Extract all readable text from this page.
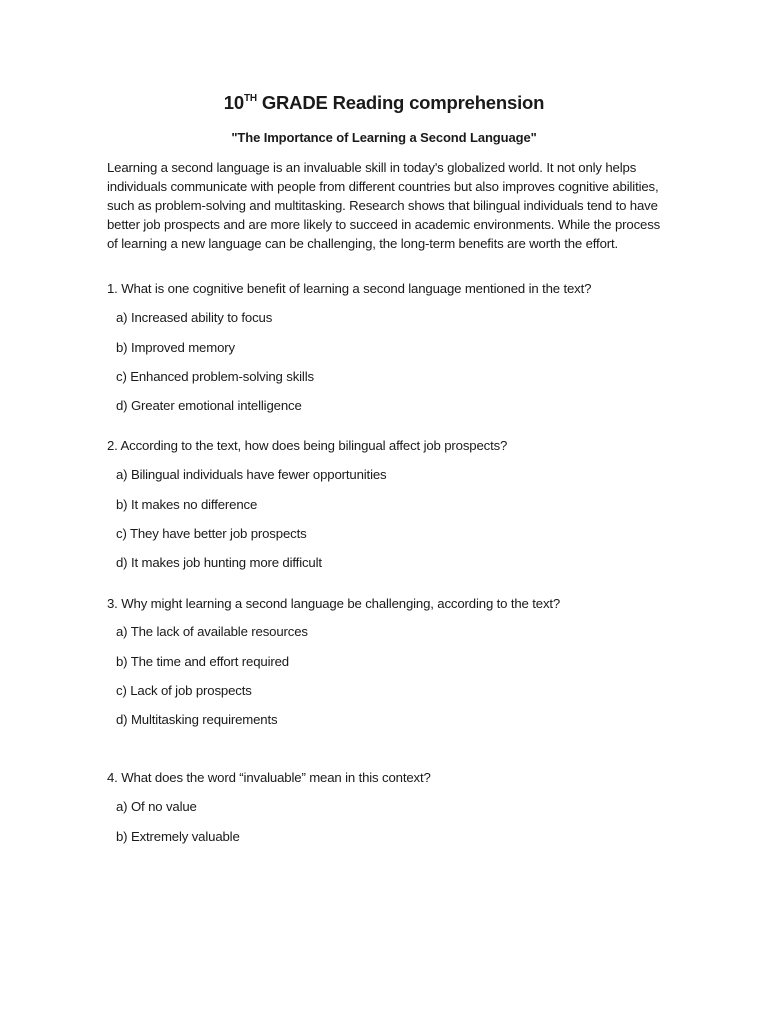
10TH GRADE Reading comprehension
"The Importance of Learning a Second Language"
Learning a second language is an invaluable skill in today's globalized world. It not only helps
individuals communicate with people from different countries but also improves cognitive abilities,
such as problem-solving and multitasking. Research shows that bilingual individuals tend to have
better job prospects and are more likely to succeed in academic environments. While the process
of learning a new language can be challenging, the long-term benefits are worth the effort.
1. What is one cognitive benefit of learning a second language mentioned in the text?
a) Increased ability to focus
b) Improved memory
c) Enhanced problem-solving skills
d) Greater emotional intelligence
2. According to the text, how does being bilingual affect job prospects?
a) Bilingual individuals have fewer opportunities
b) It makes no difference
c) They have better job prospects
d) It makes job hunting more difficult
3. Why might learning a second language be challenging, according to the text?
a) The lack of available resources
b) The time and effort required
c) Lack of job prospects
d) Multitasking requirements
4. What does the word “invaluable” mean in this context?
a) Of no value
b) Extremely valuable
